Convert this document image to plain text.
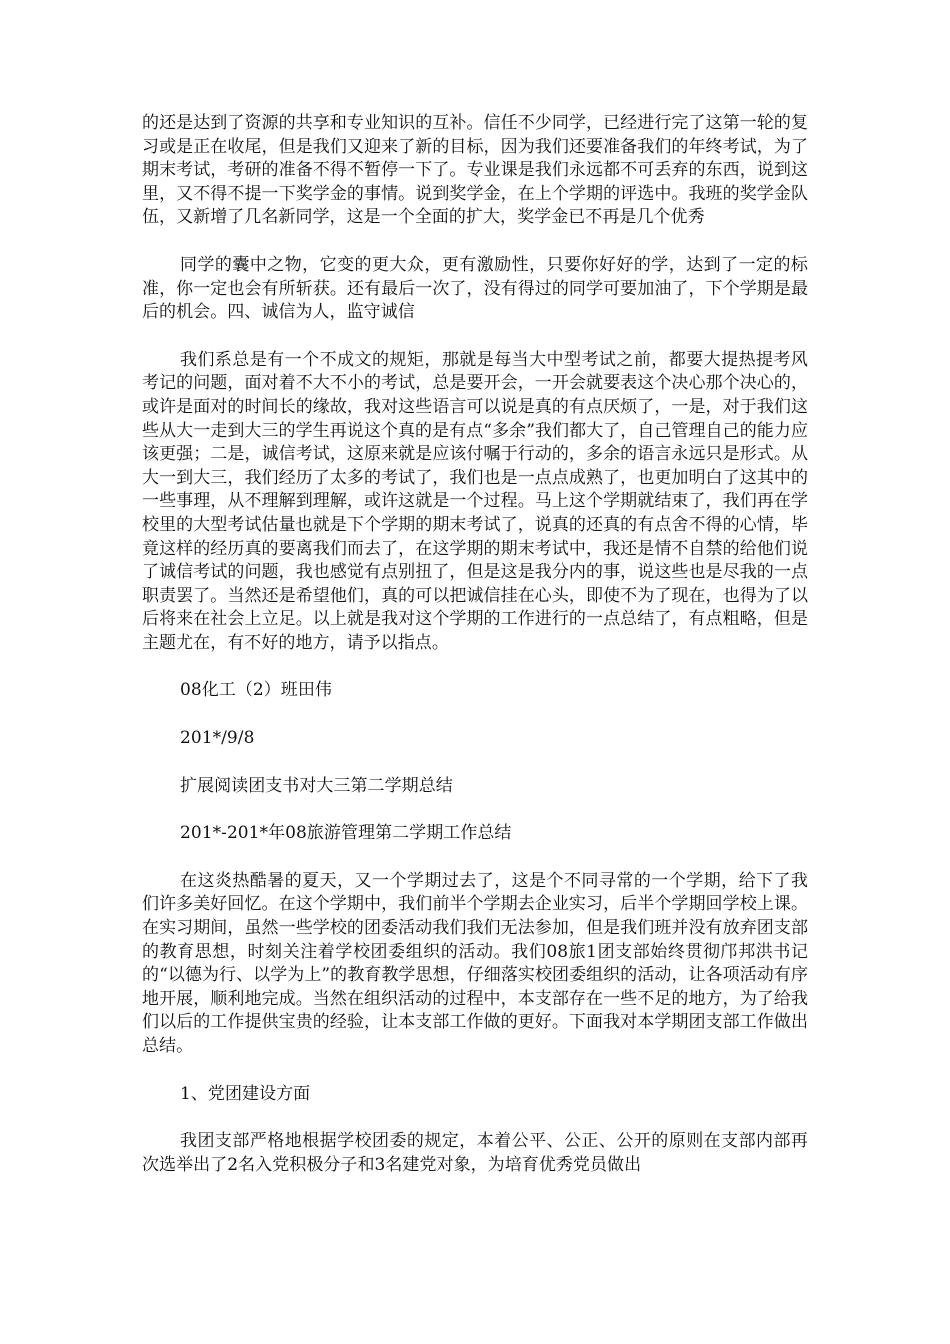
的还是达到了资源的共享和专业知识的互补。信任不少同学，已经进行完了这第一轮的复习或是正在收尾，但是我们又迎来了新的目标，因为我们还要准备我们的年终考试，为了期末考试，考研的准备不得不暂停一下了。专业课是我们永远都不可丢弃的东西，说到这里，又不得不提一下奖学金的事情。说到奖学金，在上个学期的评选中。我班的奖学金队伍，又新增了几名新同学，这是一个全面的扩大，奖学金已不再是几个优秀

同学的囊中之物，它变的更大众，更有激励性，只要你好好的学，达到了一定的标准，你一定也会有所斩获。还有最后一次了，没有得过的同学可要加油了，下个学期是最后的机会。四、诚信为人，监守诚信

我们系总是有一个不成文的规矩，那就是每当大中型考试之前，都要大提热提考风考记的问题，面对着不大不小的考试，总是要开会，一开会就要表这个决心那个决心的，或许是面对的时间长的缘故，我对这些语言可以说是真的有点厌烦了，一是，对于我们这些从大一走到大三的学生再说这个真的是有点“多余”我们都大了，自己管理自己的能力应该更强；二是，诚信考试，这原来就是应该付嘱于行动的，多余的语言永远只是形式。从大一到大三，我们经历了太多的考试了，我们也是一点点成熟了，也更加明白了这其中的一些事理，从不理解到理解，或许这就是一个过程。马上这个学期就结束了，我们再在学校里的大型考试估量也就是下个学期的期末考试了，说真的还真的有点舍不得的心情，毕竟这样的经历真的要离我们而去了，在这学期的期末考试中，我还是情不自禁的给他们说了诚信考试的问题，我也感觉有点别扭了，但是这是我分内的事，说这些也是尽我的一点职责罢了。当然还是希望他们，真的可以把诚信挂在心头，即使不为了现在，也得为了以后将来在社会上立足。以上就是我对这个学期的工作进行的一点总结了，有点粗略，但是主题尤在，有不好的地方，请予以指点。

08化工（2）班田伟

201*/9/8

扩展阅读团支书对大三第二学期总结

201*-201*年08旅游管理第二学期工作总结

在这炎热酷暑的夏天，又一个学期过去了，这是个不同寻常的一个学期，给下了我们许多美好回忆。在这个学期中，我们前半个学期去企业实习，后半个学期回学校上课。在实习期间，虽然一些学校的团委活动我们我们无法参加，但是我们班并没有放弃团支部的教育思想，时刻关注着学校团委组织的活动。我们08旅1团支部始终贯彻邝邦洪书记的“以德为行、以学为上”的教育教学思想，仔细落实校团委组织的活动，让各项活动有序地开展，顺利地完成。当然在组织活动的过程中，本支部存在一些不足的地方，为了给我们以后的工作提供宝贵的经验，让本支部工作做的更好。下面我对本学期团支部工作做出总结。

1、党团建设方面

我团支部严格地根据学校团委的规定，本着公平、公正、公开的原则在支部内部再次选举出了2名入党积极分子和3名建党对象，为培育优秀党员做出
